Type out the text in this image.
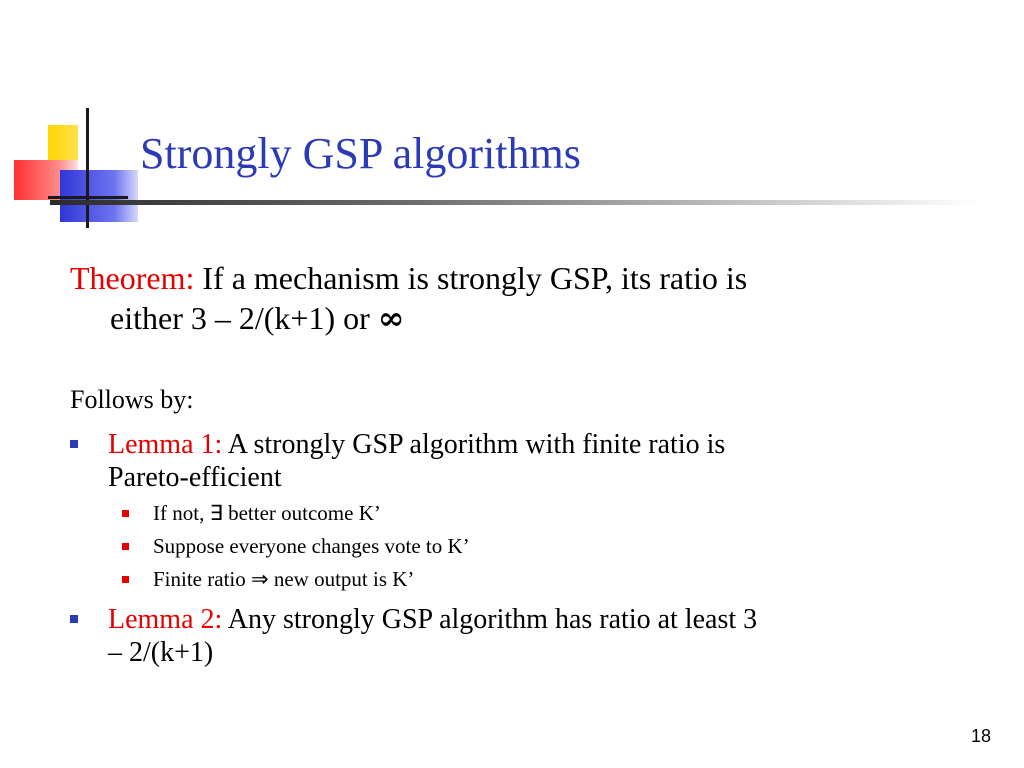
Strongly GSP algorithms
Theorem: If a mechanism is strongly GSP, its ratio is
either 3 – 2/(k+1) or ∞
Follows by:
Lemma 1: A strongly GSP algorithm with finite ratio is
Pareto-efficient
If not, ∃ better outcome K’
Suppose everyone changes vote to K’
Finite ratio ⇒ new output is K’
Lemma 2: Any strongly GSP algorithm has ratio at least 3
– 2/(k+1)
18
